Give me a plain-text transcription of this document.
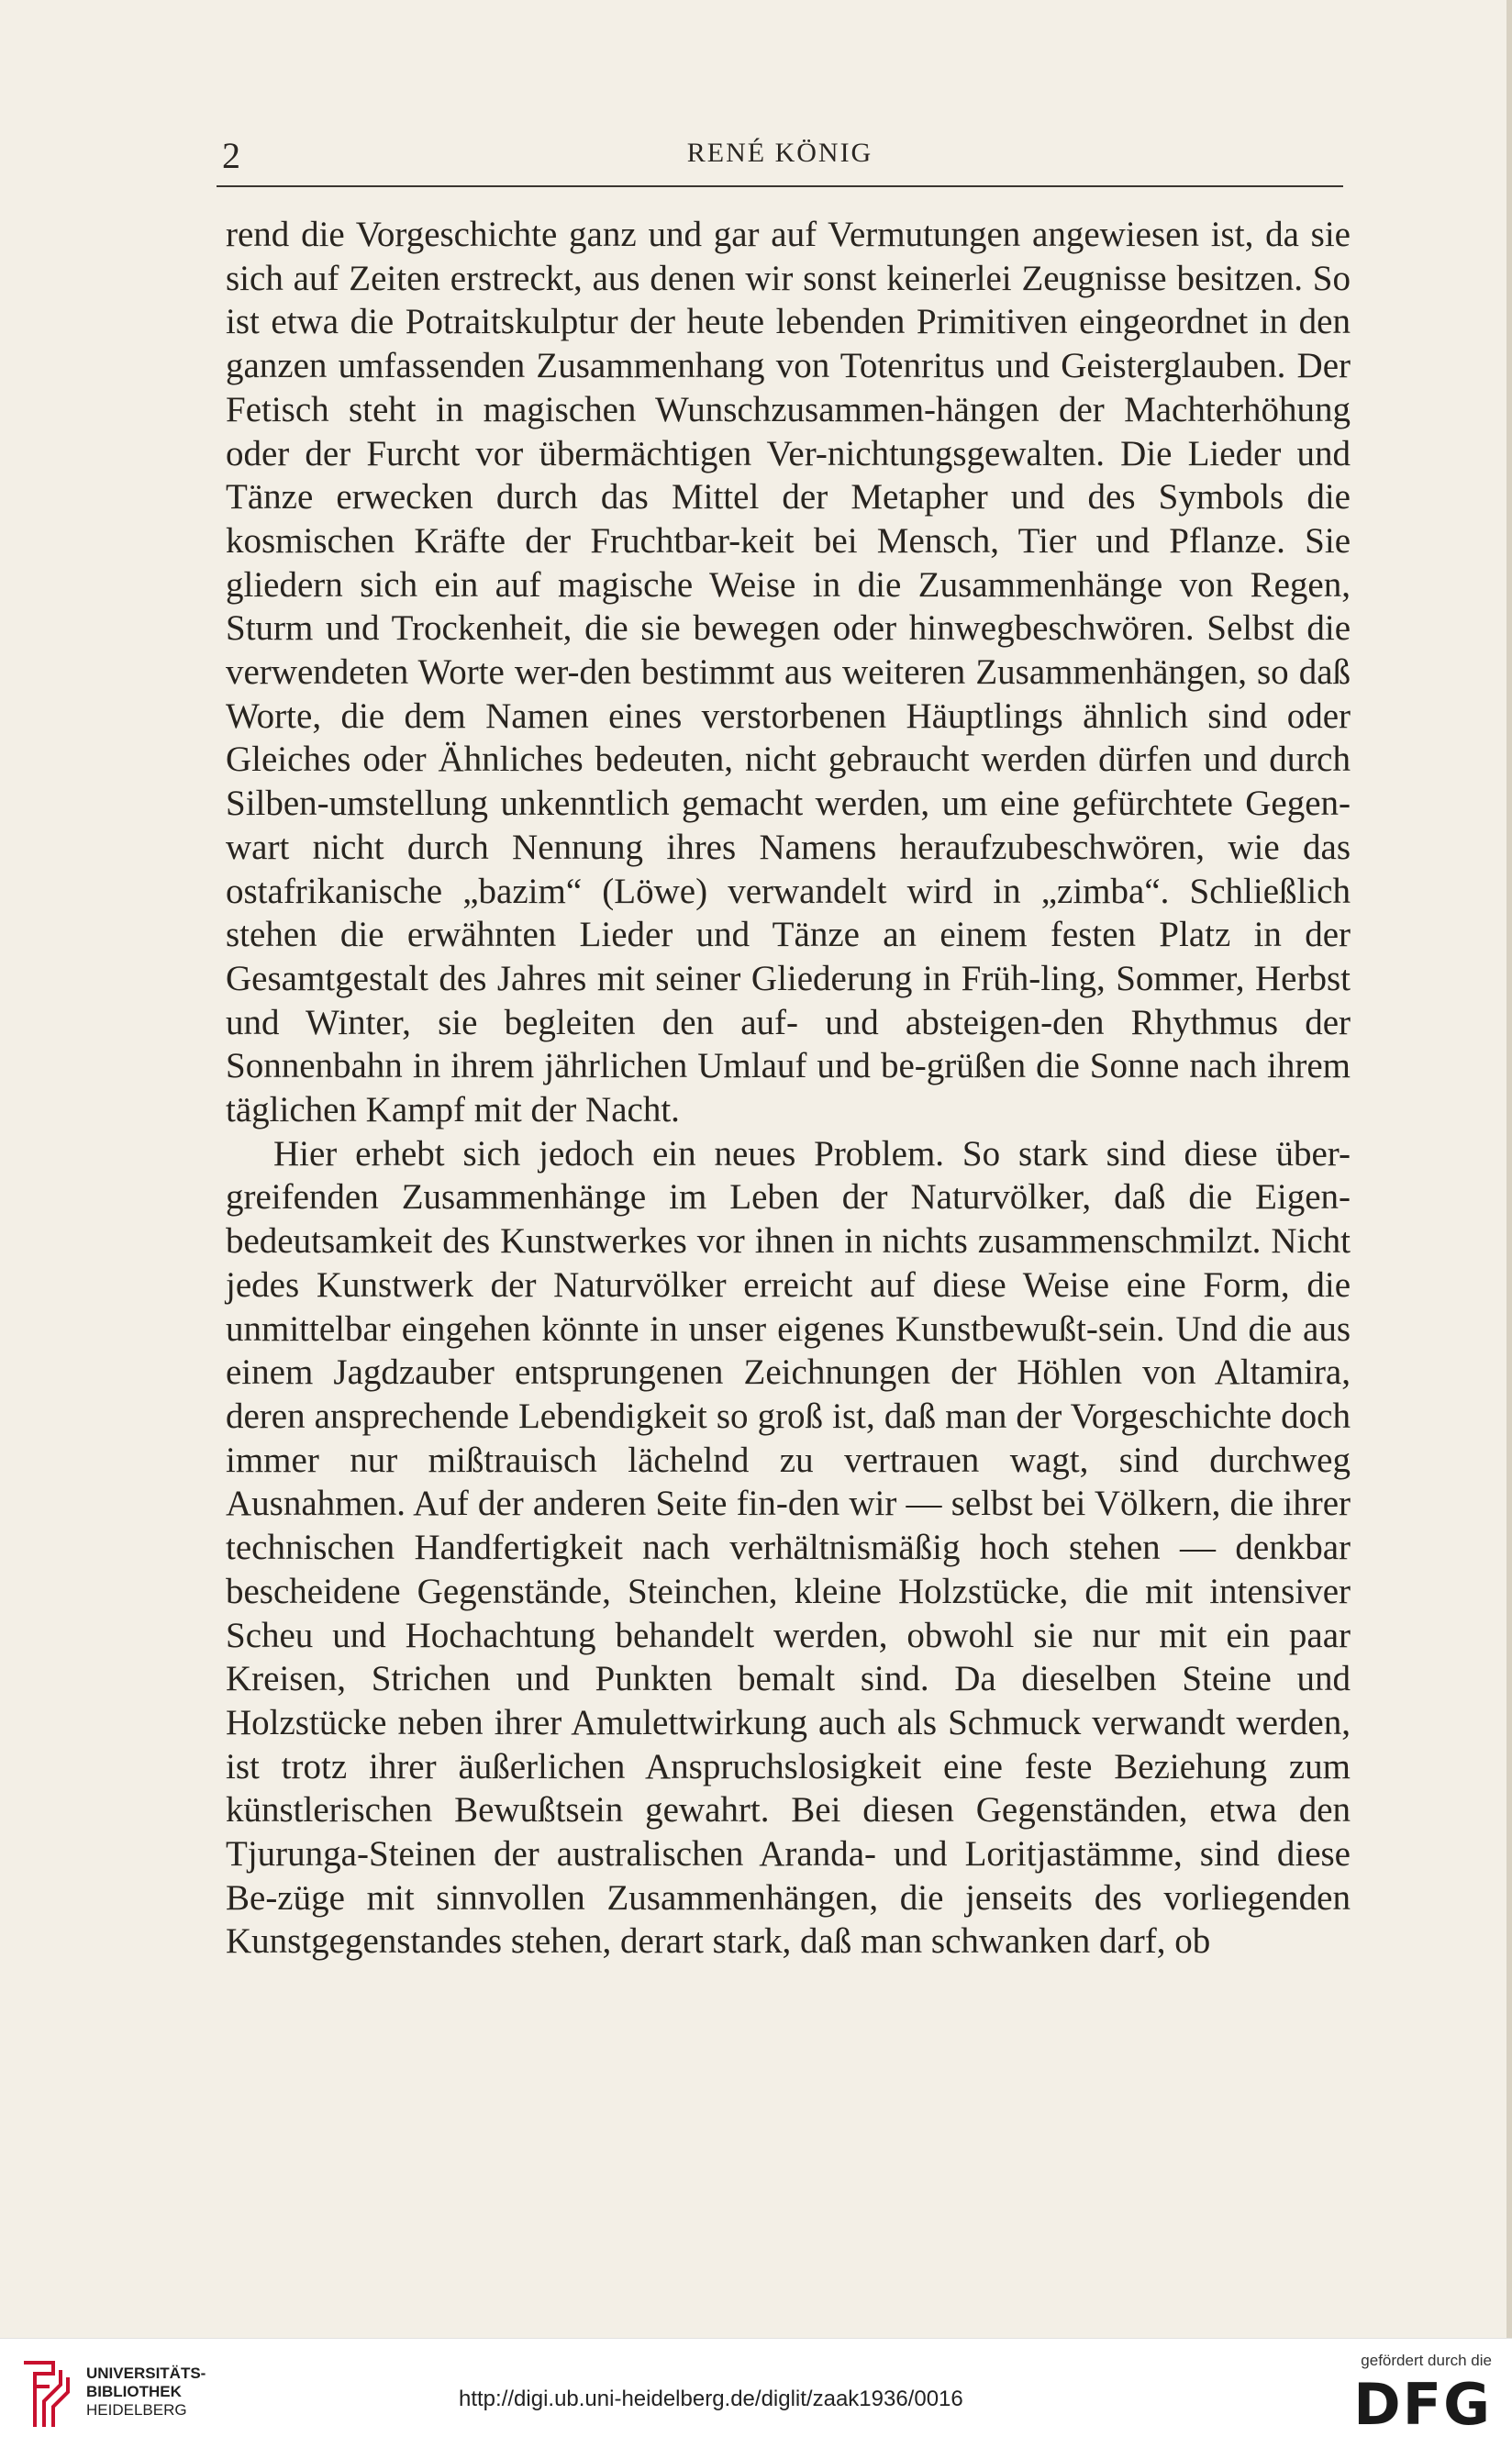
2	RENÉ KÖNIG

rend die Vorgeschichte ganz und gar auf Vermutungen angewiesen ist, da sie sich auf Zeiten erstreckt, aus denen wir sonst keinerlei Zeugnisse besitzen. So ist etwa die Potraitskulptur der heute lebenden Primitiven eingeordnet in den ganzen umfassenden Zusammenhang von Totenritus und Geisterglauben. Der Fetisch steht in magischen Wunschzusammen-hängen der Machterhöhung oder der Furcht vor übermächtigen Ver-nichtungsgewalten. Die Lieder und Tänze erwecken durch das Mittel der Metapher und des Symbols die kosmischen Kräfte der Fruchtbar-keit bei Mensch, Tier und Pflanze. Sie gliedern sich ein auf magische Weise in die Zusammenhänge von Regen, Sturm und Trockenheit, die sie bewegen oder hinwegbeschwören. Selbst die verwendeten Worte wer-den bestimmt aus weiteren Zusammenhängen, so daß Worte, die dem Namen eines verstorbenen Häuptlings ähnlich sind oder Gleiches oder Ähnliches bedeuten, nicht gebraucht werden dürfen und durch Silben-umstellung unkenntlich gemacht werden, um eine gefürchtete Gegen-wart nicht durch Nennung ihres Namens heraufzubeschwören, wie das ostafrikanische „bazim“ (Löwe) verwandelt wird in „zimba“. Schließlich stehen die erwähnten Lieder und Tänze an einem festen Platz in der Gesamtgestalt des Jahres mit seiner Gliederung in Früh-ling, Sommer, Herbst und Winter, sie begleiten den auf- und absteigen-den Rhythmus der Sonnenbahn in ihrem jährlichen Umlauf und be-grüßen die Sonne nach ihrem täglichen Kampf mit der Nacht.

Hier erhebt sich jedoch ein neues Problem. So stark sind diese über-greifenden Zusammenhänge im Leben der Naturvölker, daß die Eigen-bedeutsamkeit des Kunstwerkes vor ihnen in nichts zusammenschmilzt. Nicht jedes Kunstwerk der Naturvölker erreicht auf diese Weise eine Form, die unmittelbar eingehen könnte in unser eigenes Kunstbewußt-sein. Und die aus einem Jagdzauber entsprungenen Zeichnungen der Höhlen von Altamira, deren ansprechende Lebendigkeit so groß ist, daß man der Vorgeschichte doch immer nur mißtrauisch lächelnd zu vertrauen wagt, sind durchweg Ausnahmen. Auf der anderen Seite fin-den wir — selbst bei Völkern, die ihrer technischen Handfertigkeit nach verhältnismäßig hoch stehen — denkbar bescheidene Gegenstände, Steinchen, kleine Holzstücke, die mit intensiver Scheu und Hochachtung behandelt werden, obwohl sie nur mit ein paar Kreisen, Strichen und Punkten bemalt sind. Da dieselben Steine und Holzstücke neben ihrer Amulettwirkung auch als Schmuck verwandt werden, ist trotz ihrer äußerlichen Anspruchslosigkeit eine feste Beziehung zum künstlerischen Bewußtsein gewahrt. Bei diesen Gegenständen, etwa den Tjurunga-Steinen der australischen Aranda- und Loritjastämme, sind diese Be-züge mit sinnvollen Zusammenhängen, die jenseits des vorliegenden Kunstgegenstandes stehen, derart stark, daß man schwanken darf, ob

UNIVERSITÄTS-
BIBLIOTHEK
HEIDELBERG	http://digi.ub.uni-heidelberg.de/diglit/zaak1936/0016
gefördert durch die
DFG
